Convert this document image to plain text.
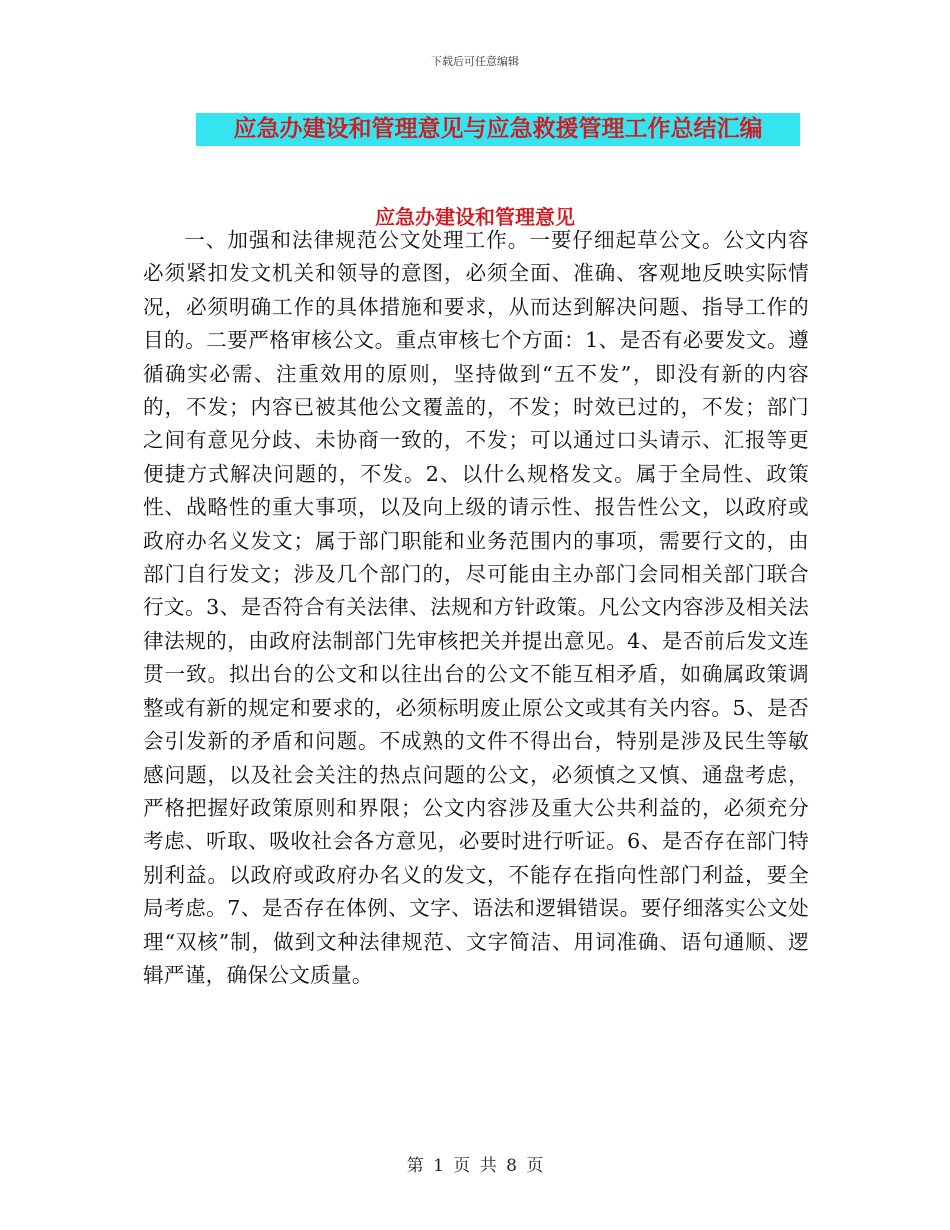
下载后可任意编辑
应急办建设和管理意见与应急救援管理工作总结汇编
应急办建设和管理意见

一、加强和法律规范公文处理工作。一要仔细起草公文。公文内容必须紧扣发文机关和领导的意图，必须全面、准确、客观地反映实际情况，必须明确工作的具体措施和要求，从而达到解决问题、指导工作的目的。二要严格审核公文。重点审核七个方面：1、是否有必要发文。遵循确实必需、注重效用的原则，坚持做到“五不发”，即没有新的内容的，不发；内容已被其他公文覆盖的，不发；时效已过的，不发；部门之间有意见分歧、未协商一致的，不发；可以通过口头请示、汇报等更便捷方式解决问题的，不发。2、以什么规格发文。属于全局性、政策性、战略性的重大事项，以及向上级的请示性、报告性公文，以政府或政府办名义发文；属于部门职能和业务范围内的事项，需要行文的，由部门自行发文；涉及几个部门的，尽可能由主办部门会同相关部门联合行文。3、是否符合有关法律、法规和方针政策。凡公文内容涉及相关法律法规的，由政府法制部门先审核把关并提出意见。4、是否前后发文连贯一致。拟出台的公文和以往出台的公文不能互相矛盾，如确属政策调整或有新的规定和要求的，必须标明废止原公文或其有关内容。5、是否会引发新的矛盾和问题。不成熟的文件不得出台，特别是涉及民生等敏感问题，以及社会关注的热点问题的公文，必须慎之又慎、通盘考虑，严格把握好政策原则和界限；公文内容涉及重大公共利益的，必须充分考虑、听取、吸收社会各方意见，必要时进行听证。6、是否存在部门特别利益。以政府或政府办名义的发文，不能存在指向性部门利益，要全局考虑。7、是否存在体例、文字、语法和逻辑错误。要仔细落实公文处理“双核”制，做到文种法律规范、文字简洁、用词准确、语句通顺、逻辑严谨，确保公文质量。

第 1 页 共 8 页
